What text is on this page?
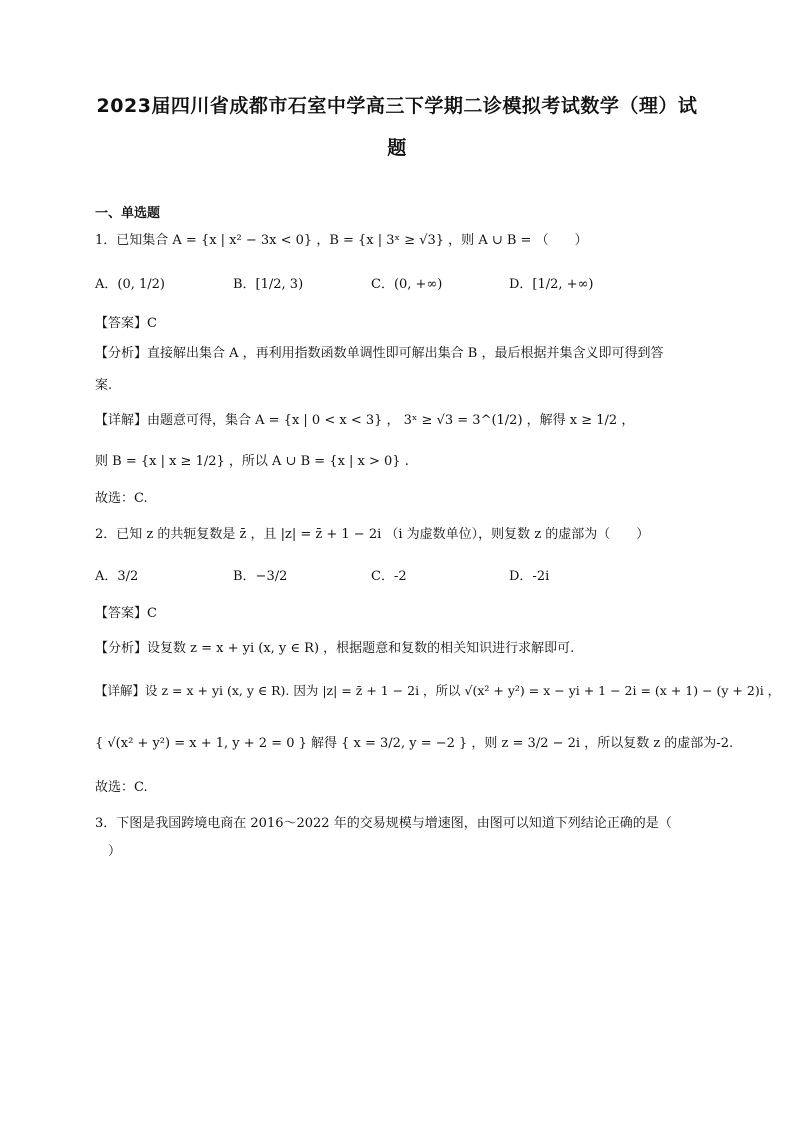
2023届四川省成都市石室中学高三下学期二诊模拟考试数学（理）试
题
一、单选题
1．已知集合 A = {x | x² − 3x < 0} ，B = {x | 3ˣ ≥ √3} ，则 A ∪ B = （　　）
A．(0, 1/2)	B．[1/2, 3)	C．(0, +∞)	D．[1/2, +∞)
【答案】C
【分析】直接解出集合 A ，再利用指数函数单调性即可解出集合 B ，最后根据并集含义即可得到答
案.
【详解】由题意可得，集合 A = {x | 0 < x < 3} ， 3ˣ ≥ √3 = 3^(1/2) ，解得 x ≥ 1/2 ，
则 B = {x | x ≥ 1/2} ，所以 A ∪ B = {x | x > 0} .
故选：C.
2．已知 z 的共轭复数是 z̄ ，且 |z| = z̄ + 1 − 2i （i 为虚数单位），则复数 z 的虚部为（　　）
A．3/2	B．−3/2	C．-2	D．-2i
【答案】C
【分析】设复数 z = x + yi (x, y ∈ R) ，根据题意和复数的相关知识进行求解即可.
【详解】设 z = x + yi (x, y ∈ R). 因为 |z| = z̄ + 1 − 2i ，所以 √(x² + y²) = x − yi + 1 − 2i = (x + 1) − (y + 2)i ，
{ √(x² + y²) = x + 1, y + 2 = 0 } 解得 { x = 3/2, y = −2 } ，则 z = 3/2 − 2i ，所以复数 z 的虚部为-2.
故选：C.
3．下图是我国跨境电商在 2016～2022 年的交易规模与增速图，由图可以知道下列结论正确的是（
　）
